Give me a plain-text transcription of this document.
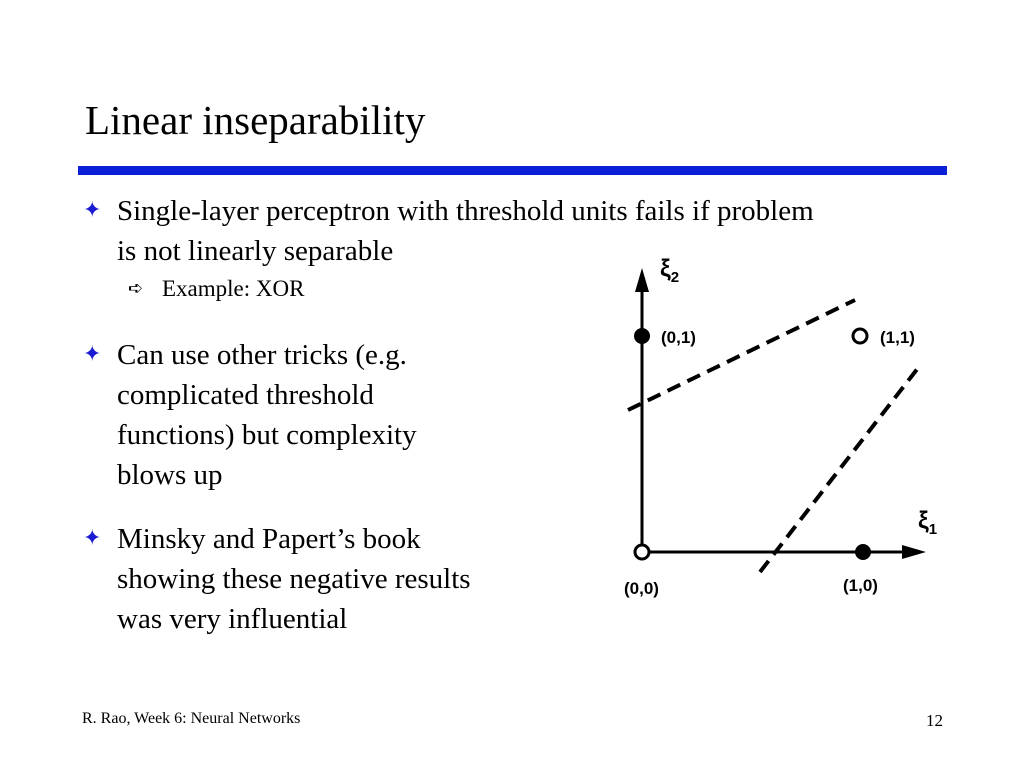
Linear inseparability
✦ Single-layer perceptron with threshold units fails if problem
is not linearly separable
➪ Example: XOR
✦ Can use other tricks (e.g.
complicated threshold
functions) but complexity
blows up
✦ Minsky and Papert’s book
showing these negative results
was very influential
$\xi_2$
$\xi_1$
(0,0)
(0,1)
(1,0)
(1,1)
R. Rao, Week 6: Neural Networks	12
